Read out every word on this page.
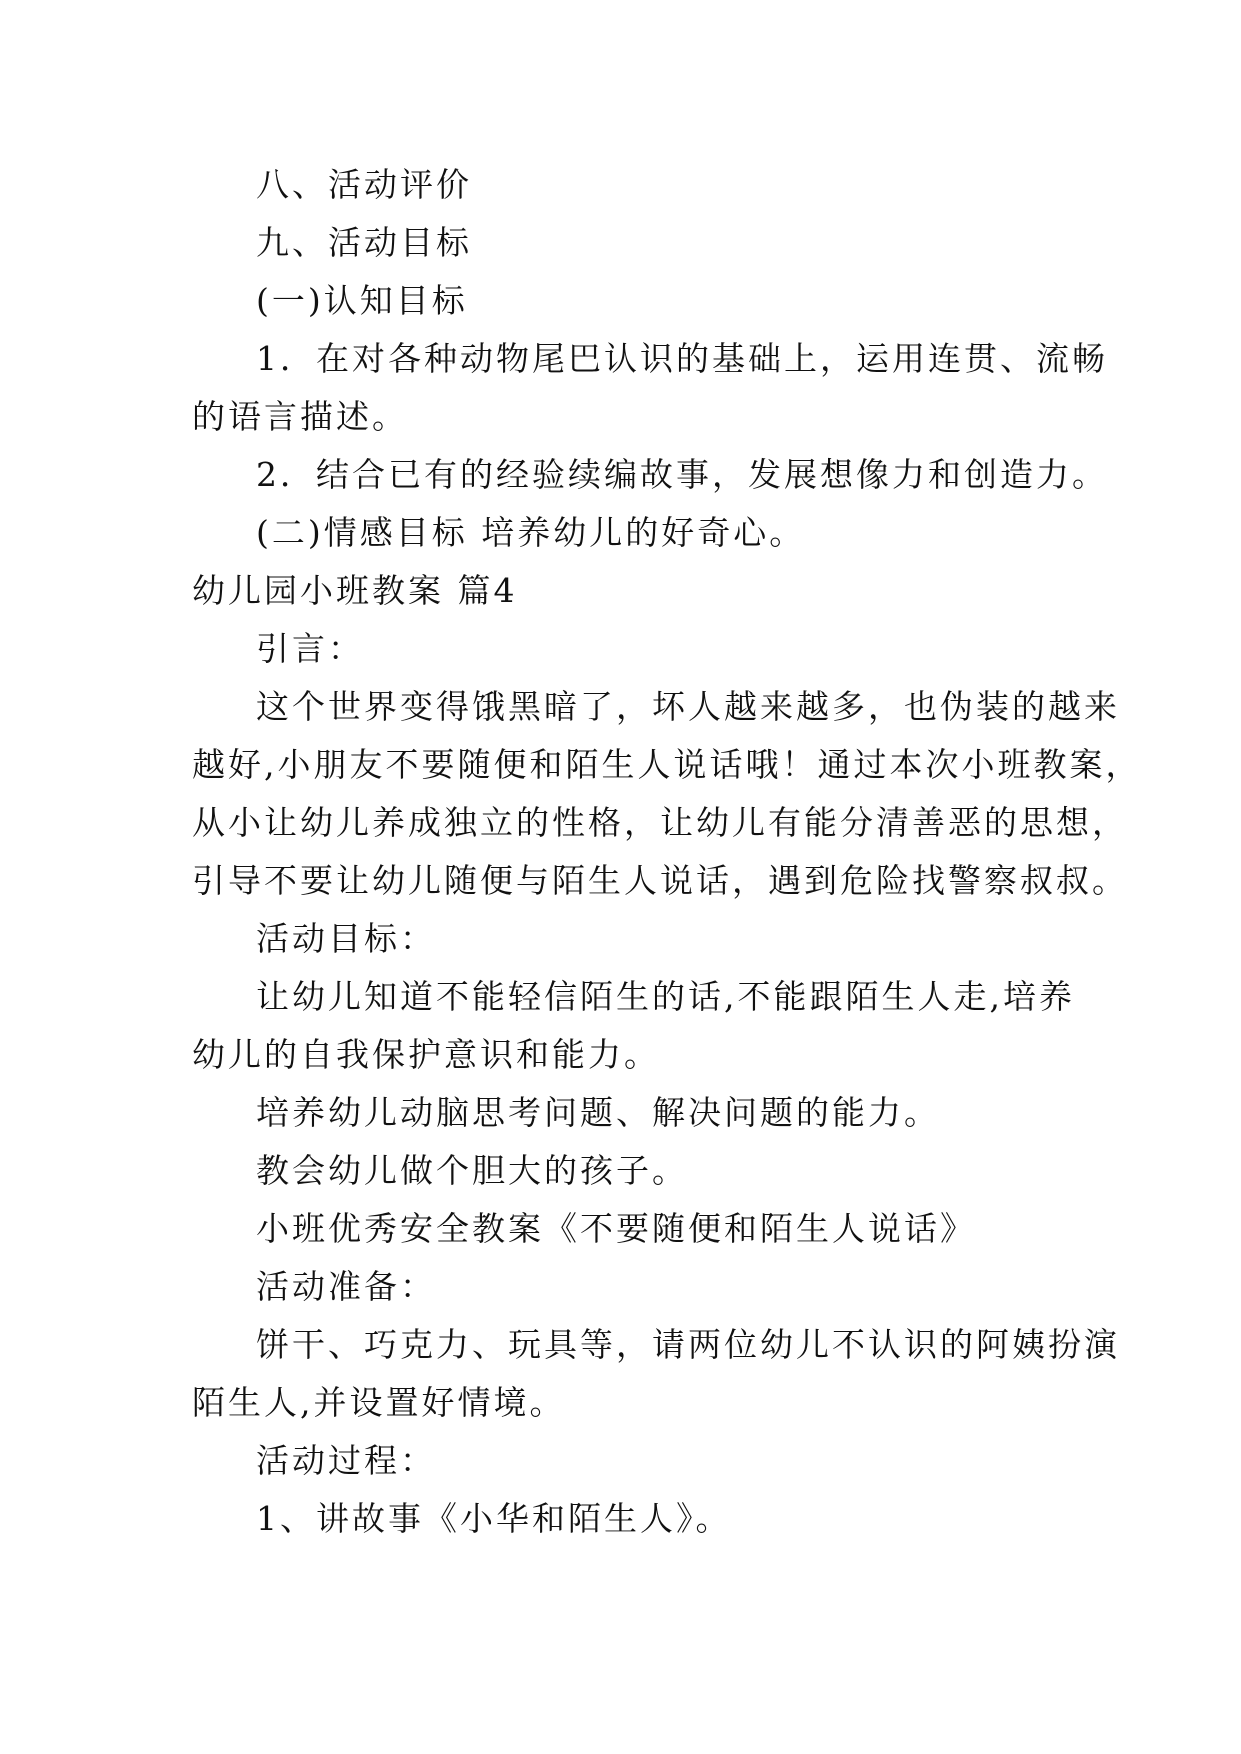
八、活动评价

九、活动目标

(一)认知目标

1．在对各种动物尾巴认识的基础上，运用连贯、流畅

的语言描述。

2．结合已有的经验续编故事，发展想像力和创造力。

(二)情感目标 培养幼儿的好奇心。

幼儿园小班教案 篇4

引言：

这个世界变得饿黑暗了，坏人越来越多，也伪装的越来

越好,小朋友不要随便和陌生人说话哦！通过本次小班教案，

从小让幼儿养成独立的性格，让幼儿有能分清善恶的思想，

引导不要让幼儿随便与陌生人说话，遇到危险找警察叔叔。

活动目标：

让幼儿知道不能轻信陌生的话,不能跟陌生人走,培养

幼儿的自我保护意识和能力。

培养幼儿动脑思考问题、解决问题的能力。

教会幼儿做个胆大的孩子。

小班优秀安全教案《不要随便和陌生人说话》

活动准备：

饼干、巧克力、玩具等，请两位幼儿不认识的阿姨扮演

陌生人,并设置好情境。

活动过程：

1、讲故事《小华和陌生人》。
